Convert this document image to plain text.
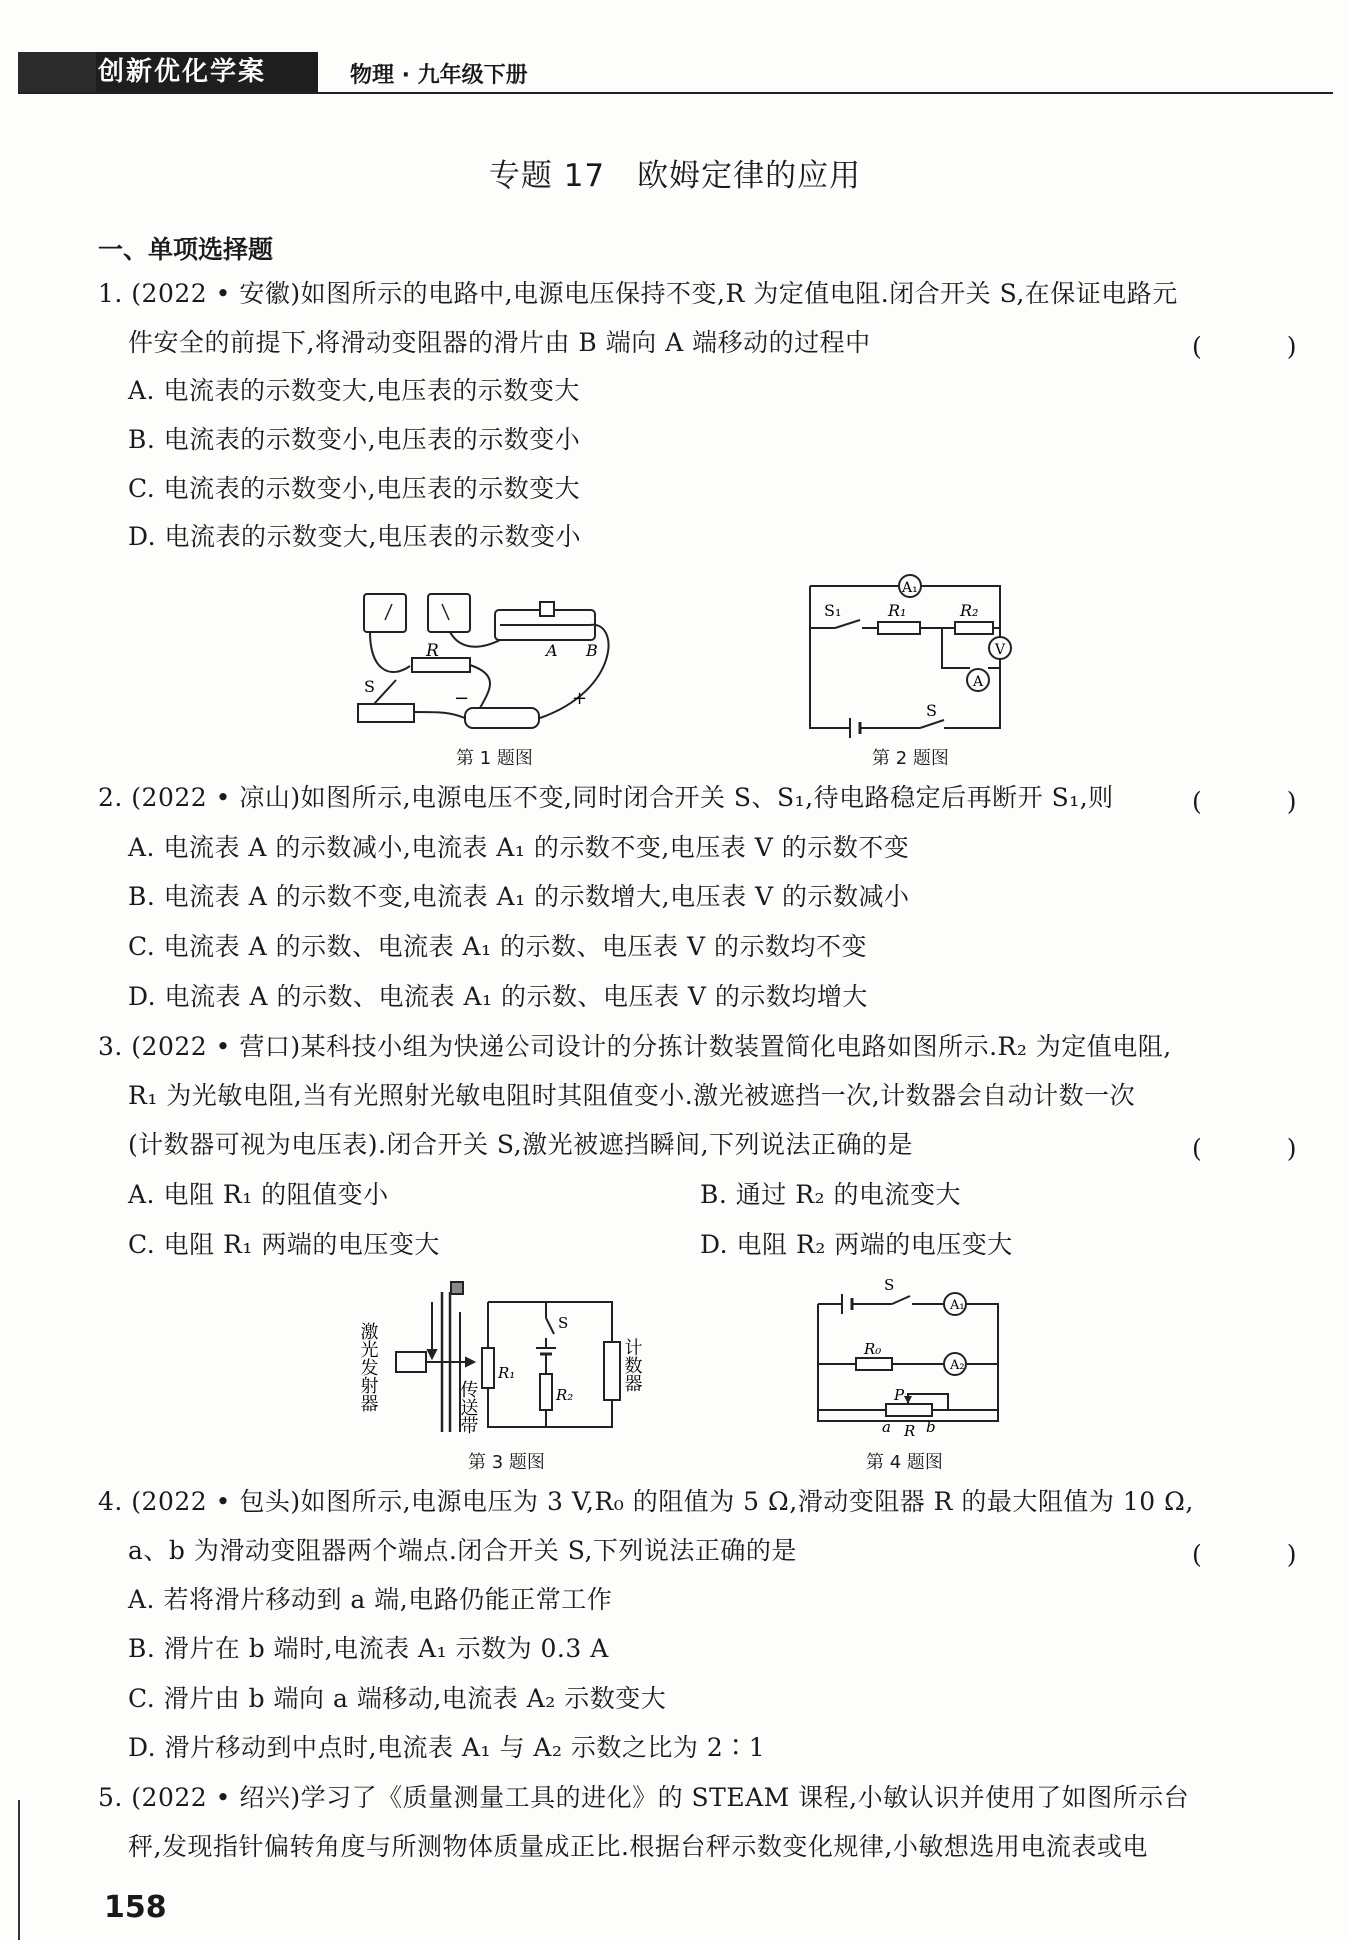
创新优化学案	物理 · 九年级下册
专题 17　欧姆定律的应用
一、单项选择题
1. (2022 • 安徽)如图所示的电路中,电源电压保持不变,R 为定值电阻.闭合开关 S,在保证电路元
件安全的前提下,将滑动变阻器的滑片由 B 端向 A 端移动的过程中	(　)
A. 电流表的示数变大,电压表的示数变大
B. 电流表的示数变小,电压表的示数变小
C. 电流表的示数变小,电压表的示数变大
D. 电流表的示数变大,电压表的示数变小
R
S
A B
−	+
第 1 题图
A₁
S₁	R₁	R₂
V
A
S
第 2 题图
2. (2022 • 凉山)如图所示,电源电压不变,同时闭合开关 S、S₁,待电路稳定后再断开 S₁,则	(　)
A. 电流表 A 的示数减小,电流表 A₁ 的示数不变,电压表 V 的示数不变
B. 电流表 A 的示数不变,电流表 A₁ 的示数增大,电压表 V 的示数减小
C. 电流表 A 的示数、电流表 A₁ 的示数、电压表 V 的示数均不变
D. 电流表 A 的示数、电流表 A₁ 的示数、电压表 V 的示数均增大
3. (2022 • 营口)某科技小组为快递公司设计的分拣计数装置简化电路如图所示.R₂ 为定值电阻,
R₁ 为光敏电阻,当有光照射光敏电阻时其阻值变小.激光被遮挡一次,计数器会自动计数一次
(计数器可视为电压表).闭合开关 S,激光被遮挡瞬间,下列说法正确的是	(　)
A. 电阻 R₁ 的阻值变小	B. 通过 R₂ 的电流变大
C. 电阻 R₁ 两端的电压变大	D. 电阻 R₂ 两端的电压变大
激光发射器	传送带
计数器
R₁
R₂
S
第 3 题图
S
A₁
R₀
A₂
P
a R b
第 4 题图
4. (2022 • 包头)如图所示,电源电压为 3 V,R₀ 的阻值为 5 Ω,滑动变阻器 R 的最大阻值为 10 Ω,
a、b 为滑动变阻器两个端点.闭合开关 S,下列说法正确的是	(　)
A. 若将滑片移动到 a 端,电路仍能正常工作
B. 滑片在 b 端时,电流表 A₁ 示数为 0.3 A
C. 滑片由 b 端向 a 端移动,电流表 A₂ 示数变大
D. 滑片移动到中点时,电流表 A₁ 与 A₂ 示数之比为 2∶1
5. (2022 • 绍兴)学习了《质量测量工具的进化》的 STEAM 课程,小敏认识并使用了如图所示台
秤,发现指针偏转角度与所测物体质量成正比.根据台秤示数变化规律,小敏想选用电流表或电
158
